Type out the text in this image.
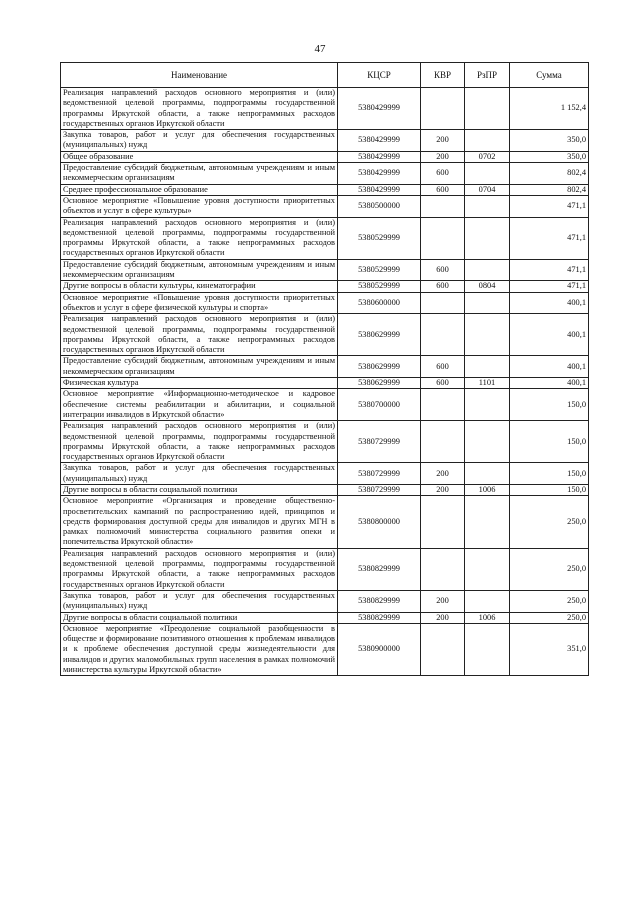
47
Наименование	КЦСР	КВР	РзПР	Сумма
Реализация направлений расходов основного мероприятия и (или) ведомственной целевой программы, подпрограммы государственной программы Иркутской области, а также непрограммных расходов государственных органов Иркутской области	5380429999			1 152,4
Закупка товаров, работ и услуг для обеспечения государственных (муниципальных) нужд	5380429999	200		350,0
Общее образование	5380429999	200	0702	350,0
Предоставление субсидий бюджетным, автономным учреждениям и иным некоммерческим организациям	5380429999	600		802,4
Среднее профессиональное образование	5380429999	600	0704	802,4
Основное мероприятие «Повышение уровня доступности приоритетных объектов и услуг в сфере культуры»	5380500000			471,1
Реализация направлений расходов основного мероприятия и (или) ведомственной целевой программы, подпрограммы государственной программы Иркутской области, а также непрограммных расходов государственных органов Иркутской области	5380529999			471,1
Предоставление субсидий бюджетным, автономным учреждениям и иным некоммерческим организациям	5380529999	600		471,1
Другие вопросы в области культуры, кинематографии	5380529999	600	0804	471,1
Основное мероприятие «Повышение уровня доступности приоритетных объектов и услуг в сфере физической культуры и спорта»	5380600000			400,1
Реализация направлений расходов основного мероприятия и (или) ведомственной целевой программы, подпрограммы государственной программы Иркутской области, а также непрограммных расходов государственных органов Иркутской области	5380629999			400,1
Предоставление субсидий бюджетным, автономным учреждениям и иным некоммерческим организациям	5380629999	600		400,1
Физическая культура	5380629999	600	1101	400,1
Основное мероприятие «Информационно-методическое и кадровое обеспечение системы реабилитации и абилитации, и социальной интеграции инвалидов в Иркутской области»	5380700000			150,0
Реализация направлений расходов основного мероприятия и (или) ведомственной целевой программы, подпрограммы государственной программы Иркутской области, а также непрограммных расходов государственных органов Иркутской области	5380729999			150,0
Закупка товаров, работ и услуг для обеспечения государственных (муниципальных) нужд	5380729999	200		150,0
Другие вопросы в области социальной политики	5380729999	200	1006	150,0
Основное мероприятие «Организация и проведение общественно-просветительских кампаний по распространению идей, принципов и средств формирования доступной среды для инвалидов и других МГН в рамках полномочий министерства социального развития опеки и попечительства Иркутской области»	5380800000			250,0
Реализация направлений расходов основного мероприятия и (или) ведомственной целевой программы, подпрограммы государственной программы Иркутской области, а также непрограммных расходов государственных органов Иркутской области	5380829999			250,0
Закупка товаров, работ и услуг для обеспечения государственных (муниципальных) нужд	5380829999	200		250,0
Другие вопросы в области социальной политики	5380829999	200	1006	250,0
Основное мероприятие «Преодоление социальной разобщенности в обществе и формирование позитивного отношения к проблемам инвалидов и к проблеме обеспечения доступной среды жизнедеятельности для инвалидов и других маломобильных групп населения в рамках полномочий министерства культуры Иркутской области»	5380900000			351,0
